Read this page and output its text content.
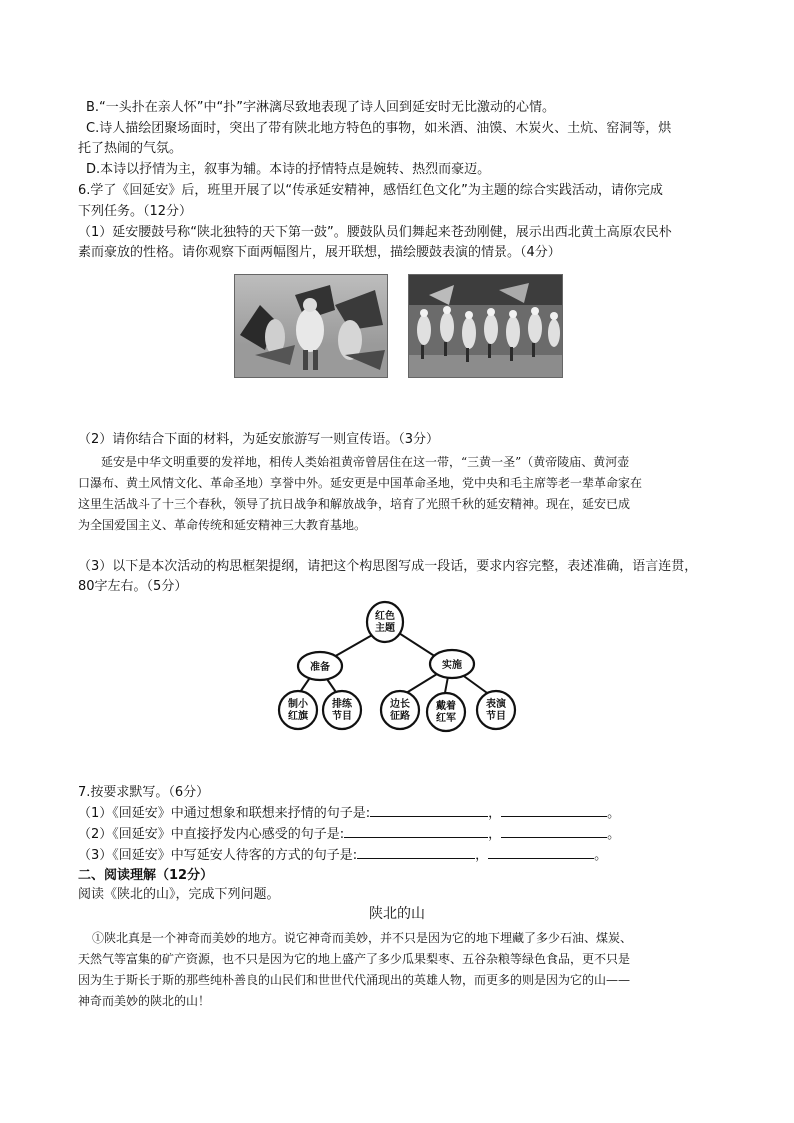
B.“一头扑在亲人怀”中“扑”字淋漓尽致地表现了诗人回到延安时无比激动的心情。
C.诗人描绘团聚场面时，突出了带有陕北地方特色的事物，如米酒、油馍、木炭火、土炕、窑洞等，烘
托了热闹的气氛。
D.本诗以抒情为主，叙事为辅。本诗的抒情特点是婉转、热烈而豪迈。
6.学了《回延安》后，班里开展了以“传承延安精神，感悟红色文化”为主题的综合实践活动，请你完成
下列任务。（12分）
（1）延安腰鼓号称“陕北独特的天下第一鼓”。腰鼓队员们舞起来苍劲刚健，展示出西北黄土高原农民朴
素而豪放的性格。请你观察下面两幅图片，展开联想，描绘腰鼓表演的情景。（4分）
（2）请你结合下面的材料，为延安旅游写一则宣传语。（3分）
延安是中华文明重要的发祥地，相传人类始祖黄帝曾居住在这一带，“三黄一圣”（黄帝陵庙、黄河壶
口瀑布、黄土风情文化、革命圣地）享誉中外。延安更是中国革命圣地，党中央和毛主席等老一辈革命家在
这里生活战斗了十三个春秋，领导了抗日战争和解放战争，培育了光照千秋的延安精神。现在，延安已成
为全国爱国主义、革命传统和延安精神三大教育基地。
（3）以下是本次活动的构思框架提纲，请把这个构思图写成一段话，要求内容完整，表述准确，语言连贯，
80字左右。（5分）
红色
主题
准备	实施
制小
红旗
排练
节目
边长
征路
戴着
红军
表演
节目
7.按要求默写。（6分）
（1）《回延安》中通过想象和联想来抒情的句子是:	，	。
（2）《回延安》中直接抒发内心感受的句子是:	，	。
（3）《回延安》中写延安人待客的方式的句子是:	，	。
二、阅读理解（12分）
阅读《陕北的山》，完成下列问题。
陕北的山
①陕北真是一个神奇而美妙的地方。说它神奇而美妙，并不只是因为它的地下埋藏了多少石油、煤炭、
天然气等富集的矿产资源，也不只是因为它的地上盛产了多少瓜果梨枣、五谷杂粮等绿色食品，更不只是
因为生于斯长于斯的那些纯朴善良的山民们和世世代代涌现出的英雄人物，而更多的则是因为它的山——
神奇而美妙的陕北的山！
